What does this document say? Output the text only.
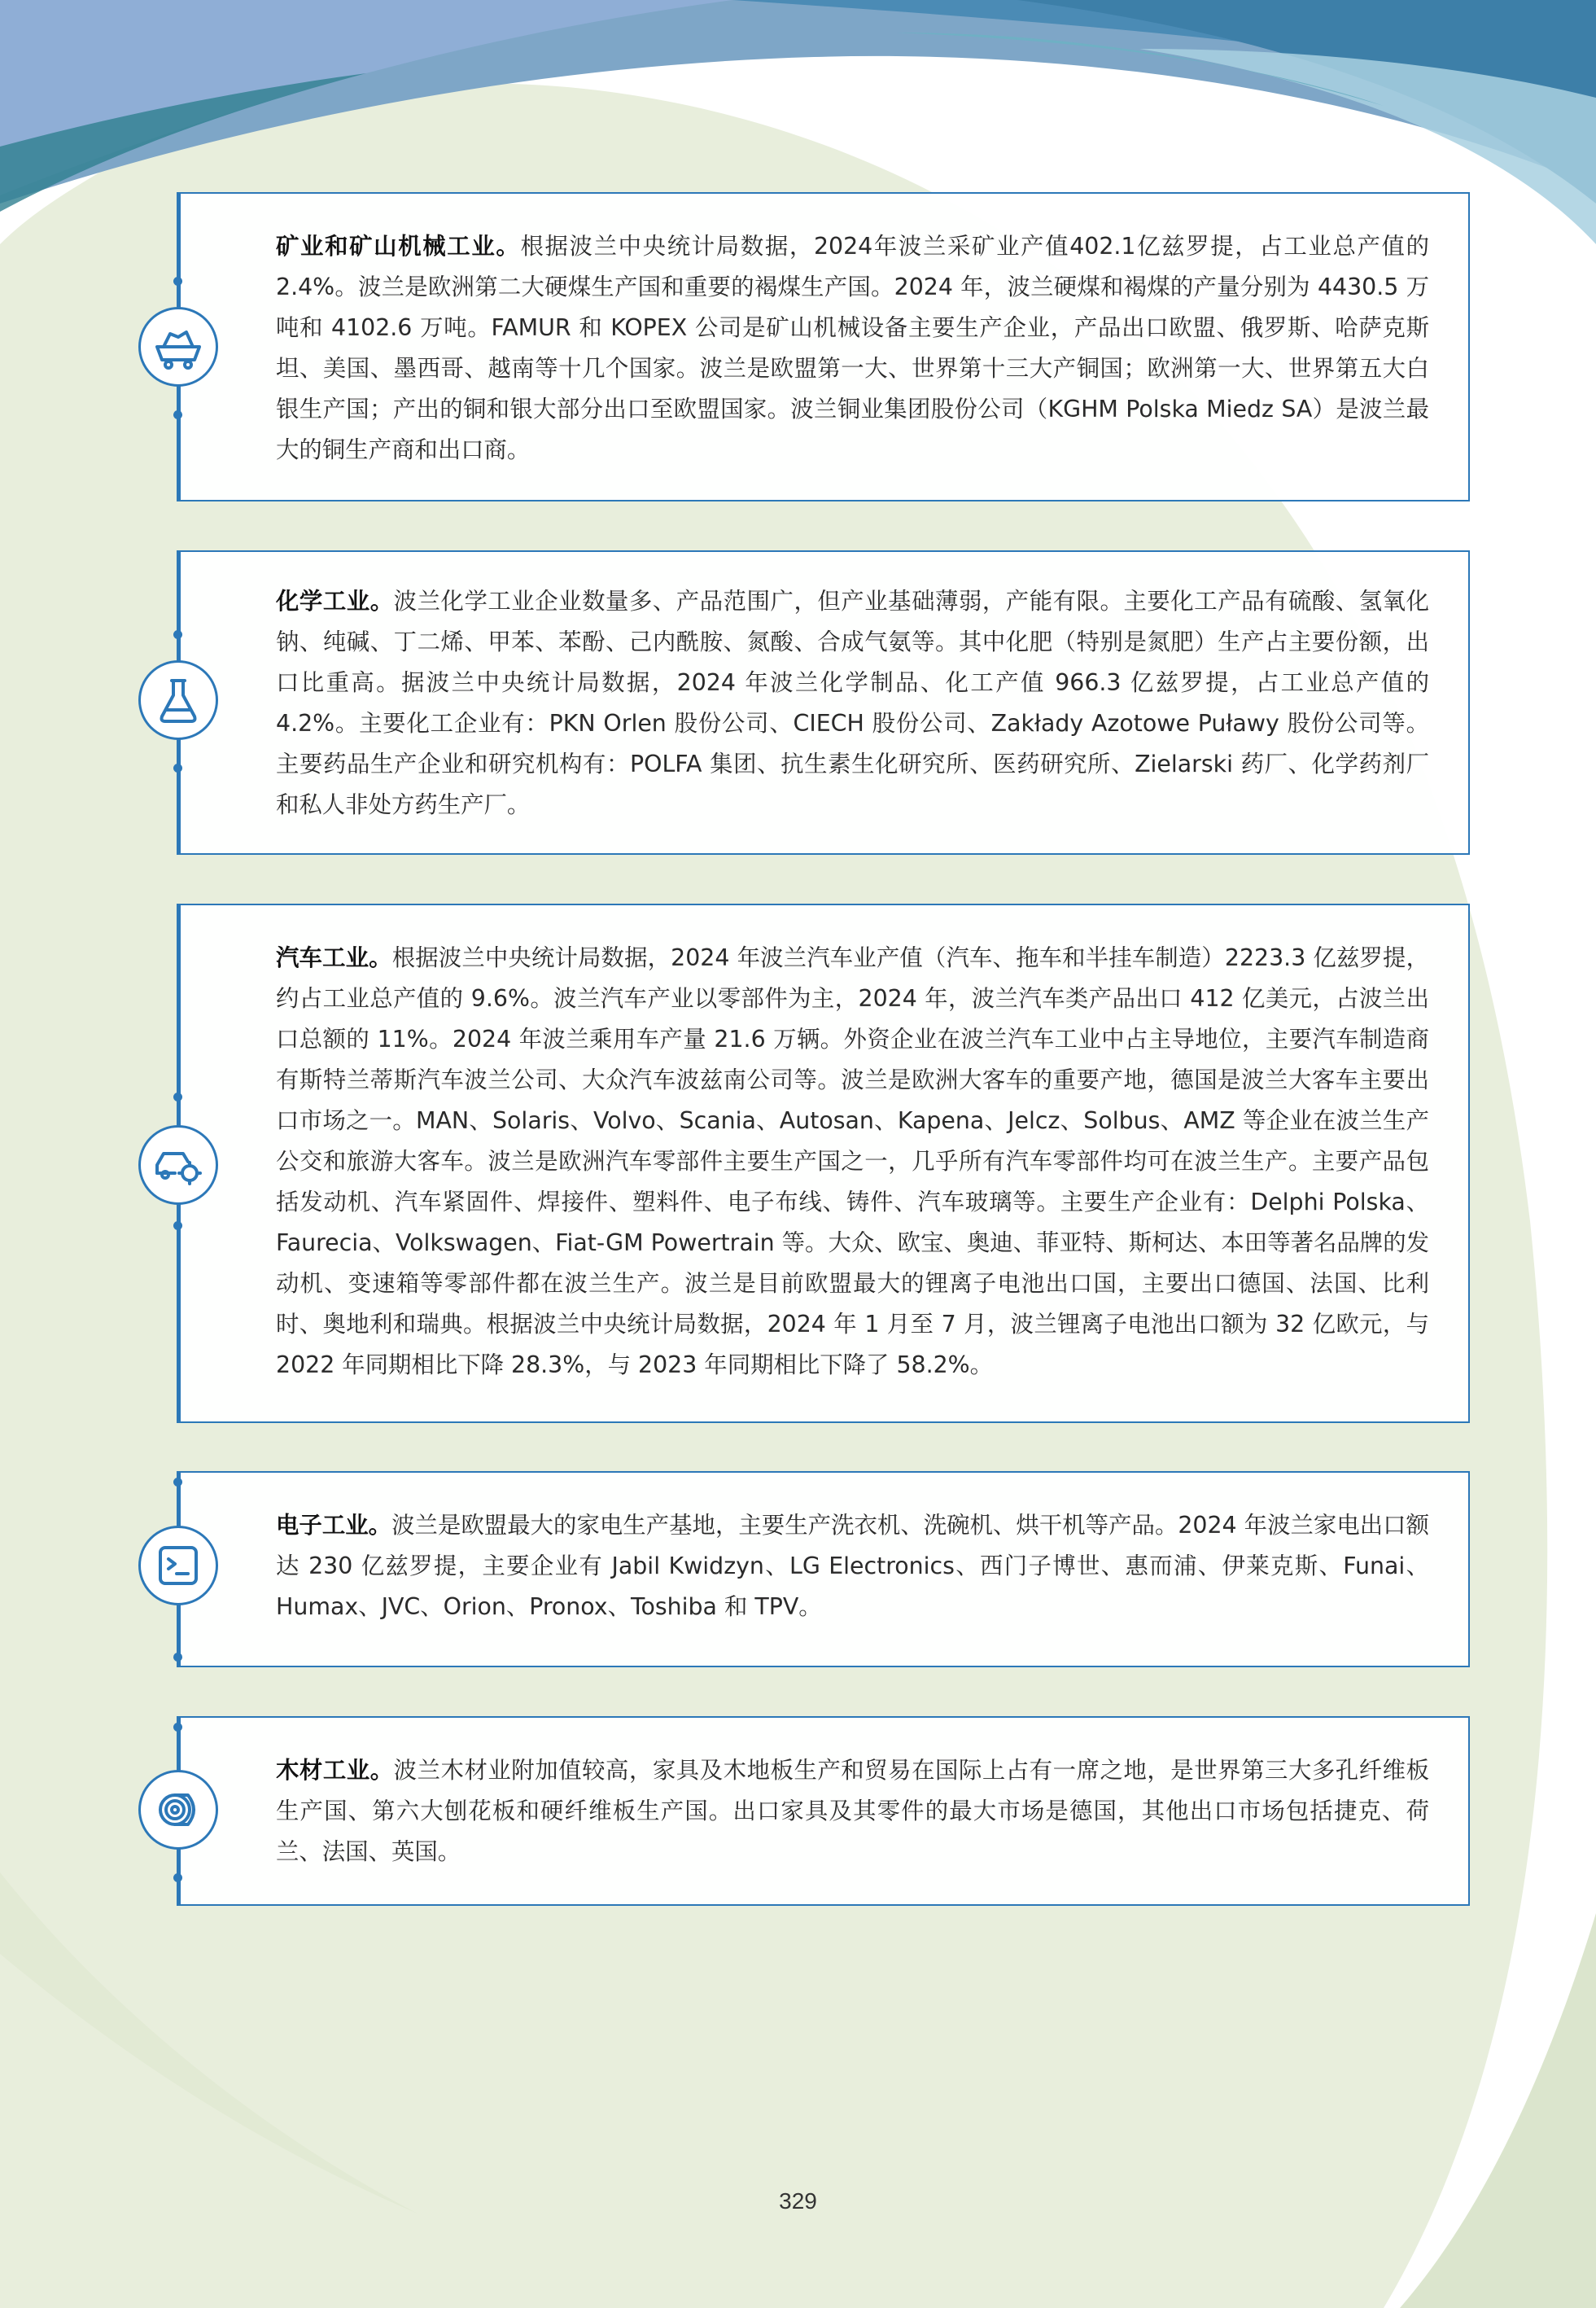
矿业和矿山机械工业。根据波兰中央统计局数据，2024年波兰采矿业产值402.1亿兹罗提，占工业总产值的2.4%。波兰是欧洲第二大硬煤生产国和重要的褐煤生产国。2024 年，波兰硬煤和褐煤的产量分别为 4430.5 万吨和 4102.6 万吨。FAMUR 和 KOPEX 公司是矿山机械设备主要生产企业，产品出口欧盟、俄罗斯、哈萨克斯坦、美国、墨西哥、越南等十几个国家。波兰是欧盟第一大、世界第十三大产铜国；欧洲第一大、世界第五大白银生产国；产出的铜和银大部分出口至欧盟国家。波兰铜业集团股份公司（KGHM Polska Miedz SA）是波兰最大的铜生产商和出口商。
化学工业。波兰化学工业企业数量多、产品范围广，但产业基础薄弱，产能有限。主要化工产品有硫酸、氢氧化钠、纯碱、丁二烯、甲苯、苯酚、己内酰胺、氮酸、合成气氨等。其中化肥（特别是氮肥）生产占主要份额，出口比重高。据波兰中央统计局数据，2024 年波兰化学制品、化工产值 966.3 亿兹罗提，占工业总产值的 4.2%。主要化工企业有：PKN Orlen 股份公司、CIECH 股份公司、Zakłady Azotowe Puławy 股份公司等。主要药品生产企业和研究机构有：POLFA 集团、抗生素生化研究所、医药研究所、Zielarski 药厂、化学药剂厂和私人非处方药生产厂。
汽车工业。根据波兰中央统计局数据，2024 年波兰汽车业产值（汽车、拖车和半挂车制造）2223.3 亿兹罗提，约占工业总产值的 9.6%。波兰汽车产业以零部件为主，2024 年，波兰汽车类产品出口 412 亿美元，占波兰出口总额的 11%。2024 年波兰乘用车产量 21.6 万辆。外资企业在波兰汽车工业中占主导地位，主要汽车制造商有斯特兰蒂斯汽车波兰公司、大众汽车波兹南公司等。波兰是欧洲大客车的重要产地，德国是波兰大客车主要出口市场之一。MAN、Solaris、Volvo、Scania、Autosan、Kapena、Jelcz、Solbus、AMZ 等企业在波兰生产公交和旅游大客车。波兰是欧洲汽车零部件主要生产国之一，几乎所有汽车零部件均可在波兰生产。主要产品包括发动机、汽车紧固件、焊接件、塑料件、电子布线、铸件、汽车玻璃等。主要生产企业有：Delphi Polska、Faurecia、Volkswagen、Fiat-GM Powertrain 等。大众、欧宝、奥迪、菲亚特、斯柯达、本田等著名品牌的发动机、变速箱等零部件都在波兰生产。波兰是目前欧盟最大的锂离子电池出口国，主要出口德国、法国、比利时、奥地利和瑞典。根据波兰中央统计局数据，2024 年 1 月至 7 月，波兰锂离子电池出口额为 32 亿欧元，与 2022 年同期相比下降 28.3%，与 2023 年同期相比下降了 58.2%。
电子工业。波兰是欧盟最大的家电生产基地，主要生产洗衣机、洗碗机、烘干机等产品。2024 年波兰家电出口额达 230 亿兹罗提，主要企业有 Jabil Kwidzyn、LG Electronics、西门子博世、惠而浦、伊莱克斯、Funai、Humax、JVC、Orion、Pronox、Toshiba 和 TPV。
木材工业。波兰木材业附加值较高，家具及木地板生产和贸易在国际上占有一席之地，是世界第三大多孔纤维板生产国、第六大刨花板和硬纤维板生产国。出口家具及其零件的最大市场是德国，其他出口市场包括捷克、荷兰、法国、英国。
329
